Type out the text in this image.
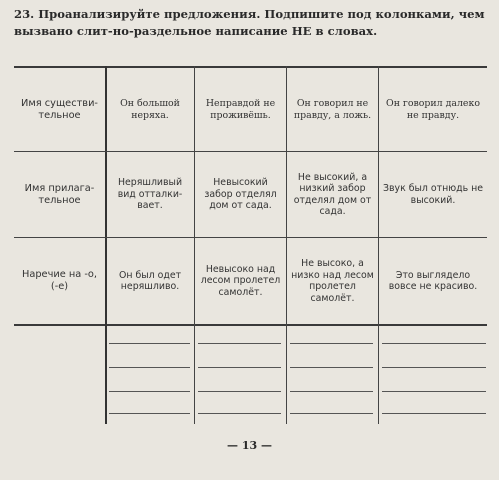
23. Проанализируйте предложения. Подпишите под колонками, чем вызвано слит-но-раздельное написание НЕ в словах.
Имя существи-тельное
Он большой неряха.
Неправдой не проживёшь.
Он говорил не правду, а ложь.
Он говорил далеко не правду.
Имя прилага-тельное
Неряшливый вид отталки-вает.
Невысокий забор отделял дом от сада.
Не высокий, а низкий забор отделял дом от сада.
Звук был отнюдь не высокий.
Наречие на -о, (-е)
Он был одет неряшливо.
Невысоко над лесом пролетел самолёт.
Не высоко, а низко над лесом пролетел самолёт.
Это выглядело вовсе не красиво.
— 13 —
